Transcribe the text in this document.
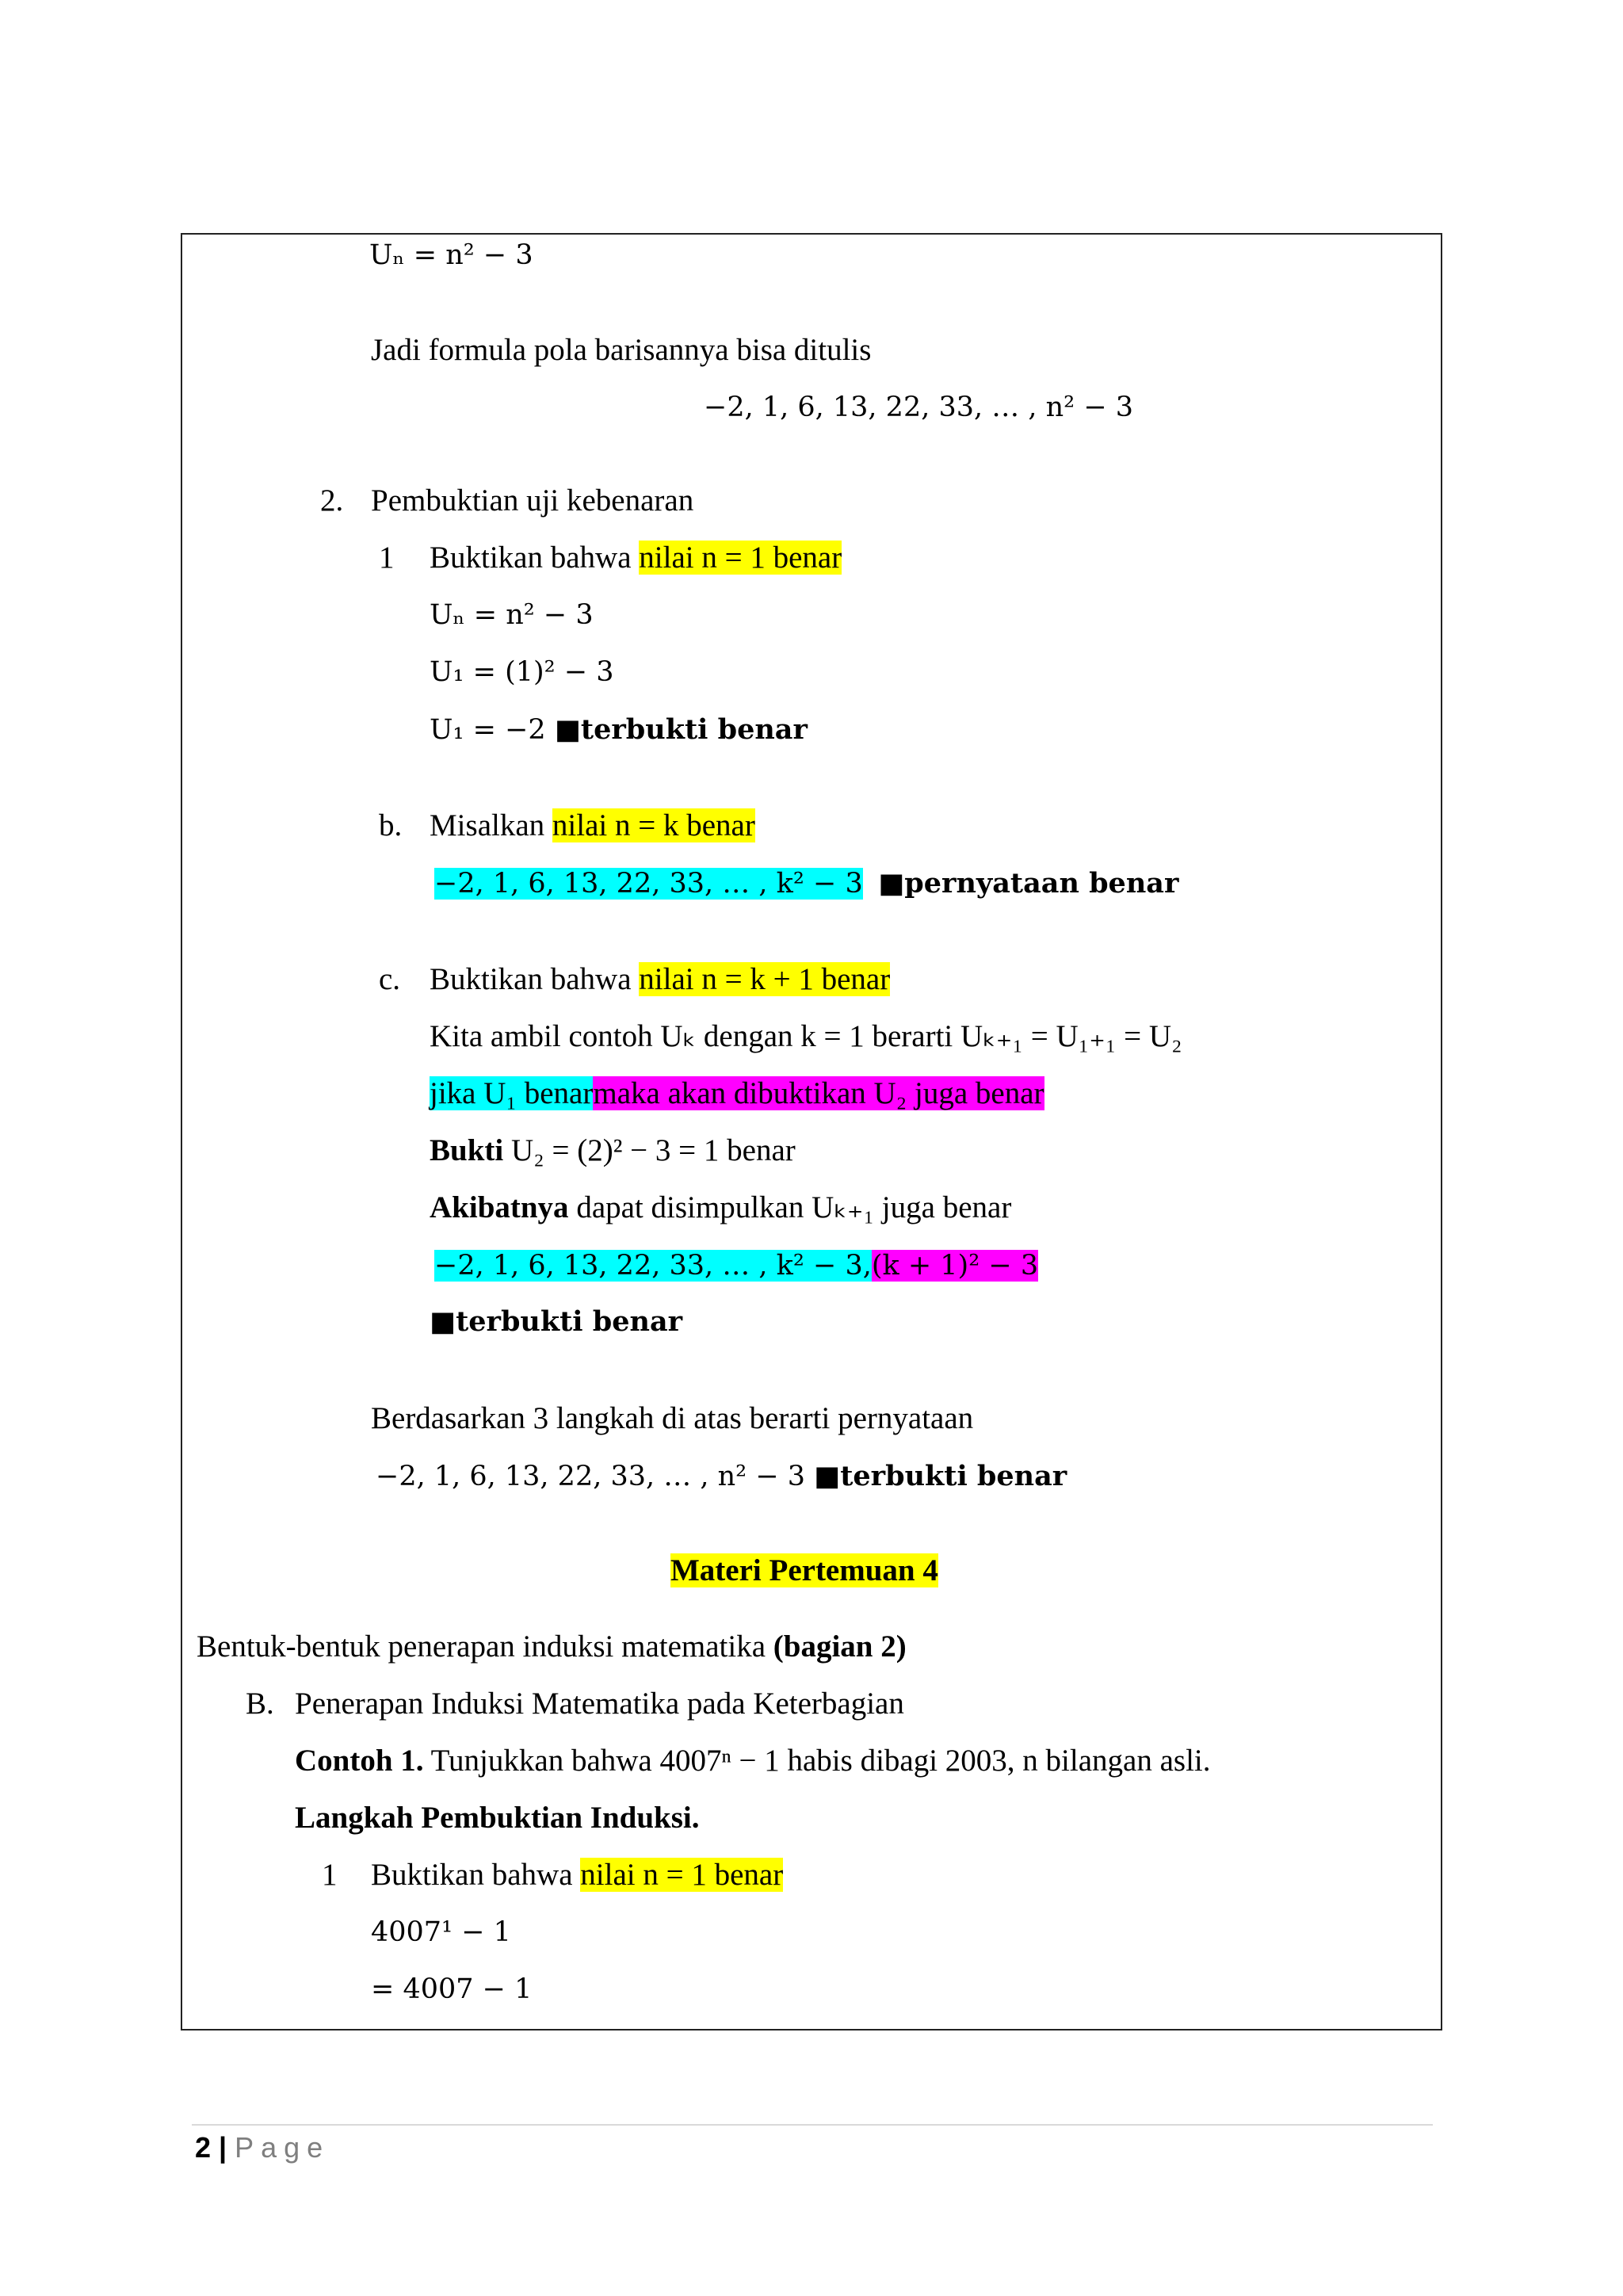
Uₙ = n² − 3
Jadi formula pola barisannya bisa ditulis
−2, 1, 6, 13, 22, 33, … , n² − 3
2. Pembuktian uji kebenaran
1 Buktikan bahwa nilai n = 1 benar
Uₙ = n² − 3
U₁ = (1)² − 3
U₁ = −2 ■terbukti benar
b. Misalkan nilai n = k benar
−2, 1, 6, 13, 22, 33, … , k² − 3 ■pernyataan benar
c. Buktikan bahwa nilai n = k + 1 benar
Kita ambil contoh Uₖ dengan k = 1 berarti Uₖ₊₁ = U₁₊₁ = U₂
jika U₁ benarmaka akan dibuktikan U₂ juga benar
Bukti U₂ = (2)² − 3 = 1 benar
Akibatnya dapat disimpulkan Uₖ₊₁ juga benar
−2, 1, 6, 13, 22, 33, … , k² − 3,(k + 1)² − 3
■terbukti benar
Berdasarkan 3 langkah di atas berarti pernyataan
−2, 1, 6, 13, 22, 33, … , n² − 3 ■terbukti benar
Materi Pertemuan 4
Bentuk-bentuk penerapan induksi matematika (bagian 2)
B. Penerapan Induksi Matematika pada Keterbagian
Contoh 1. Tunjukkan bahwa 4007ⁿ − 1 habis dibagi 2003, n bilangan asli.
Langkah Pembuktian Induksi.
1 Buktikan bahwa nilai n = 1 benar
4007¹ − 1
= 4007 − 1
2 | Page
